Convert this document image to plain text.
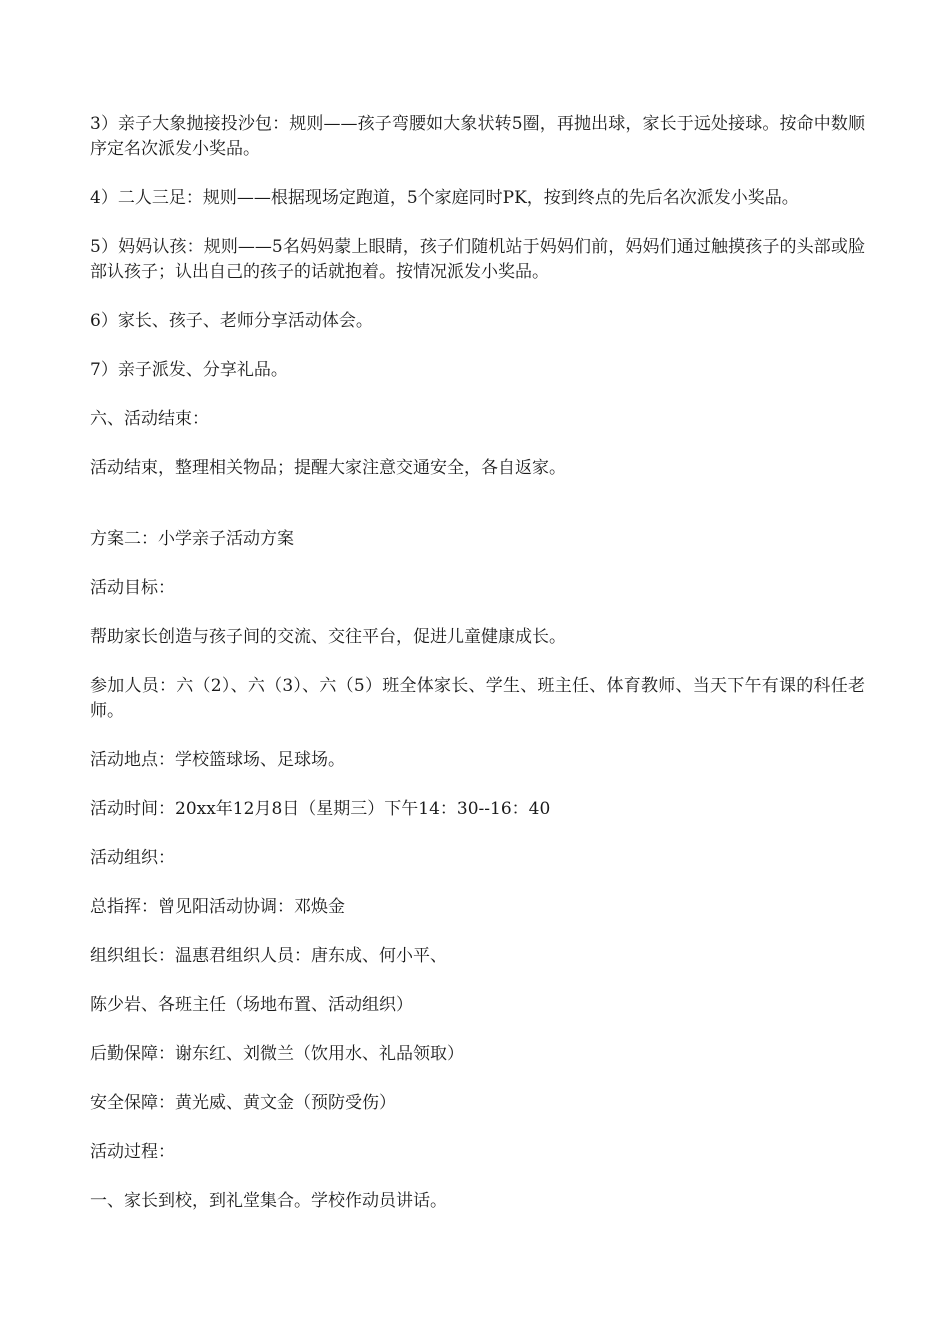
3）亲子大象抛接投沙包：规则——孩子弯腰如大象状转5圈，再抛出球，家长于远处接球。按命中数顺序定名次派发小奖品。

4）二人三足：规则——根据现场定跑道，5个家庭同时PK，按到终点的先后名次派发小奖品。

5）妈妈认孩：规则——5名妈妈蒙上眼睛，孩子们随机站于妈妈们前，妈妈们通过触摸孩子的头部或脸部认孩子；认出自己的孩子的话就抱着。按情况派发小奖品。

6）家长、孩子、老师分享活动体会。

7）亲子派发、分享礼品。

六、活动结束：

活动结束，整理相关物品；提醒大家注意交通安全，各自返家。

方案二：小学亲子活动方案

活动目标：

帮助家长创造与孩子间的交流、交往平台，促进儿童健康成长。

参加人员：六（2）、六（3）、六（5）班全体家长、学生、班主任、体育教师、当天下午有课的科任老师。

活动地点：学校篮球场、足球场。

活动时间：20xx年12月8日（星期三）下午14：30--16：40

活动组织：

总指挥：曾见阳活动协调：邓焕金

组织组长：温惠君组织人员：唐东成、何小平、

陈少岩、各班主任（场地布置、活动组织）

后勤保障：谢东红、刘微兰（饮用水、礼品领取）

安全保障：黄光威、黄文金（预防受伤）

活动过程：

一、家长到校，到礼堂集合。学校作动员讲话。
